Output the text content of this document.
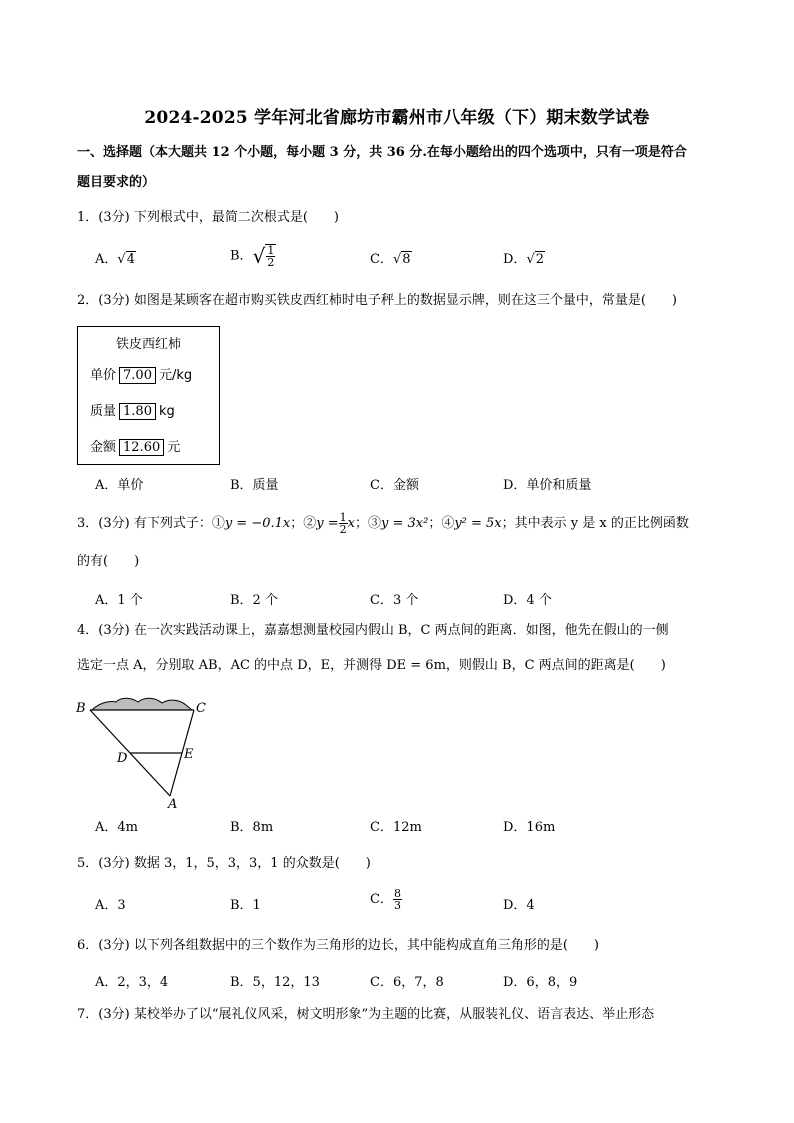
2024-2025 学年河北省廊坊市霸州市八年级（下）期末数学试卷
一、选择题（本大题共 12 个小题，每小题 3 分，共 36 分.在每小题给出的四个选项中，只有一项是符合
题目要求的）
1．(3分) 下列根式中，最简二次根式是(　　)
A．√4	B．√ $\frac{1}{2}$	C．√8	D．√2
2．(3分) 如图是某顾客在超市购买铁皮西红柿时电子秤上的数据显示牌，则在这三个量中，常量是(　　)
铁皮西红柿
单价 7.00 元/kg
质量 1.80 kg
金额 12.60 元
A．单价	B．质量	C．金额	D．单价和质量
3．(3分) 有下列式子：①y = −0.1x；②y = $\frac{1}{2}$ x；③y = 3x²；④y² = 5x；其中表示 y 是 x 的正比例函数
的有(　　)
A．1 个	B．2 个	C．3 个	D．4 个
4．(3分) 在一次实践活动课上，嘉嘉想测量校园内假山 B，C 两点间的距离．如图，他先在假山的一侧
选定一点 A，分别取 AB，AC 的中点 D，E，并测得 DE = 6m，则假山 B，C 两点间的距离是(　　)
B	C
D	E
A
A．4m	B．8m	C．12m	D．16m
5．(3分) 数据 3，1，5，3，3，1 的众数是(　　)
A．3	B．1	C． $\frac{8}{3}$	D．4
6．(3分) 以下列各组数据中的三个数作为三角形的边长，其中能构成直角三角形的是(　　)
A．2，3，4	B．5，12，13	C．6，7，8	D．6，8，9
7．(3分) 某校举办了以“展礼仪风采，树文明形象”为主题的比赛，从服装礼仪、语言表达、举止形态
